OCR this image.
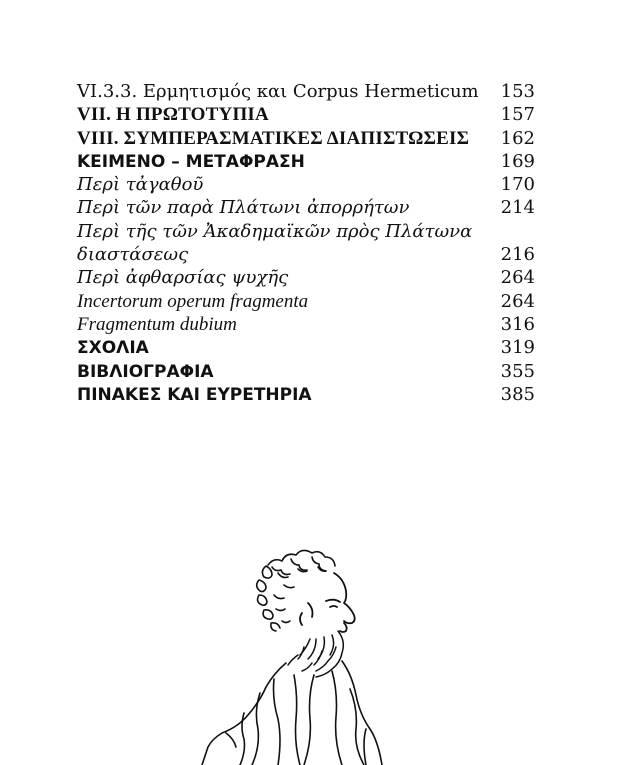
VI.3.3. Ερμητισμός και Corpus Hermeticum 153
VII. Η ΠΡΩΤΟΤΥΠΙΑ	157
VIII. ΣΥΜΠΕΡΑΣΜΑΤΙΚΕΣ ΔΙΑΠΙΣΤΩΣΕΙΣ 162
ΚΕΙΜΕΝΟ – ΜΕΤΑΦΡΑΣΗ	169
Περὶ τἀγαθοῦ	170
Περὶ τῶν παρὰ Πλάτωνι ἀπορρήτων	214
Περὶ τῆς τῶν Ἀκαδημαϊκῶν πρὸς Πλάτωνα
διαστάσεως	216
Περὶ ἀφθαρσίας ψυχῆς	264
Incertorum operum fragmenta	264
Fragmentum dubium	316
ΣΧΟΛΙΑ	319
ΒΙΒΛΙΟΓΡΑΦΙΑ	355
ΠΙΝΑΚΕΣ ΚΑΙ ΕΥΡΕΤΗΡΙΑ	385
